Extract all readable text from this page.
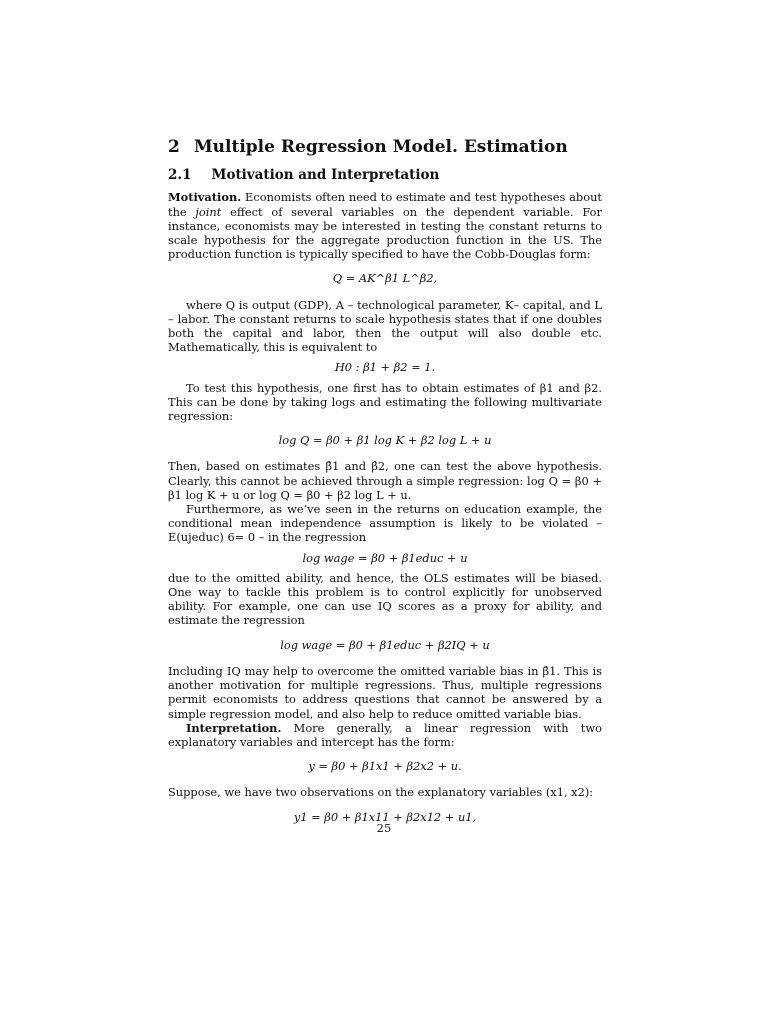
2 Multiple Regression Model. Estimation
2.1 Motivation and Interpretation

Motivation. Economists often need to estimate and test hypotheses about the joint effect of several variables on the dependent variable. For instance, economists may be interested in testing the constant returns to scale hypothesis for the aggregate production function in the US. The production function is typically specified to have the Cobb-Douglas form:

Q = AK^β1 L^β2,

where Q is output (GDP), A – technological parameter, K– capital, and L – labor. The constant returns to scale hypothesis states that if one doubles both the capital and labor, then the output will also double etc. Mathematically, this is equivalent to

H0 : β1 + β2 = 1.

To test this hypothesis, one first has to obtain estimates of β1 and β2. This can be done by taking logs and estimating the following multivariate regression:

log Q = β0 + β1 log K + β2 log L + u

Then, based on estimates β̂1 and β̂2, one can test the above hypothesis. Clearly, this cannot be achieved through a simple regression: log Q = β0 + β1 log K + u or log Q = β0 + β2 log L + u.

Furthermore, as we’ve seen in the returns on education example, the conditional mean independence assumption is likely to be violated –E(ujeduc) 6= 0 – in the regression

log wage = β0 + β1educ + u

due to the omitted ability, and hence, the OLS estimates will be biased. One way to tackle this problem is to control explicitly for unobserved ability. For example, one can use IQ scores as a proxy for ability, and estimate the regression

log wage = β0 + β1educ + β2IQ + u

Including IQ may help to overcome the omitted variable bias in β̂1. This is another motivation for multiple regressions. Thus, multiple regressions permit economists to address questions that cannot be answered by a simple regression model, and also help to reduce omitted variable bias.

Interpretation. More generally, a linear regression with two explanatory variables and intercept has the form:

y = β0 + β1x1 + β2x2 + u.

Suppose, we have two observations on the explanatory variables (x1, x2):

y1 = β0 + β1x11 + β2x12 + u1,
25
